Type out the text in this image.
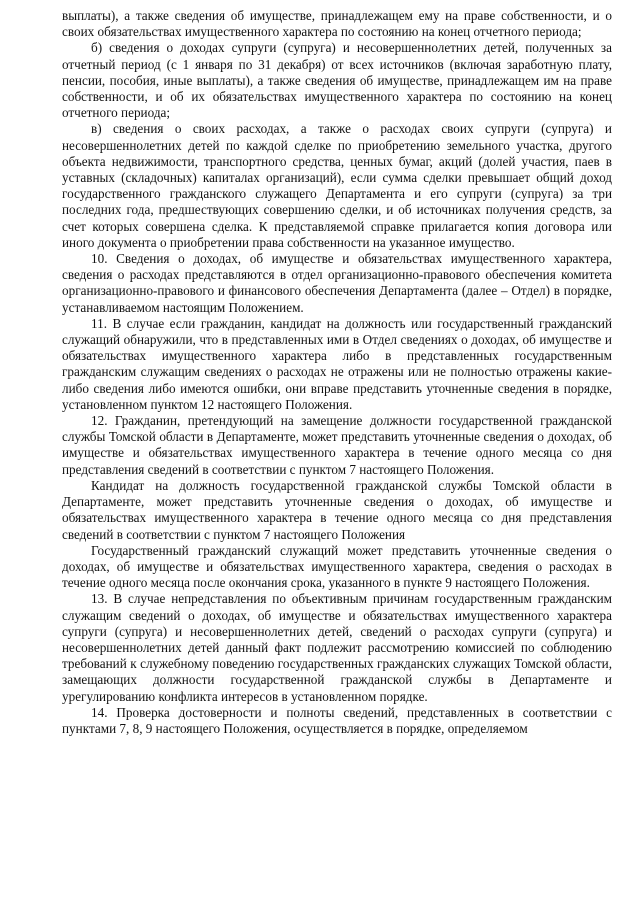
выплаты), а также сведения об имуществе, принадлежащем ему на праве собственности, и о своих обязательствах имущественного характера по состоянию на конец отчетного периода;

б) сведения о доходах супруги (супруга) и несовершеннолетних детей, полученных за отчетный период (с 1 января по 31 декабря) от всех источников (включая заработную плату, пенсии, пособия, иные выплаты), а также сведения об имуществе, принадлежащем им на праве собственности, и об их обязательствах имущественного характера по состоянию на конец отчетного периода;

в) сведения о своих расходах, а также о расходах своих супруги (супруга) и несовершеннолетних детей по каждой сделке по приобретению земельного участка, другого объекта недвижимости, транспортного средства, ценных бумаг, акций (долей участия, паев в уставных (складочных) капиталах организаций), если сумма сделки превышает общий доход государственного гражданского служащего Департамента и его супруги (супруга) за три последних года, предшествующих совершению сделки, и об источниках получения средств, за счет которых совершена сделка. К представляемой справке прилагается копия договора или иного документа о приобретении права собственности на указанное имущество.

10. Сведения о доходах, об имуществе и обязательствах имущественного характера, сведения о расходах представляются в отдел организационно-правового обеспечения комитета организационно-правового и финансового обеспечения Департамента (далее – Отдел) в порядке, устанавливаемом настоящим Положением.

11. В случае если гражданин, кандидат на должность или государственный гражданский служащий обнаружили, что в представленных ими в Отдел сведениях о доходах, об имуществе и обязательствах имущественного характера либо в представленных государственным гражданским служащим сведениях о расходах не отражены или не полностью отражены какие-либо сведения либо имеются ошибки, они вправе представить уточненные сведения в порядке, установленном пунктом 12 настоящего Положения.

12. Гражданин, претендующий на замещение должности государственной гражданской службы Томской области в Департаменте, может представить уточненные сведения о доходах, об имуществе и обязательствах имущественного характера в течение одного месяца со дня представления сведений в соответствии с пунктом 7 настоящего Положения.

Кандидат на должность государственной гражданской службы Томской области в Департаменте, может представить уточненные сведения о доходах, об имуществе и обязательствах имущественного характера в течение одного месяца со дня представления сведений в соответствии с пунктом 7 настоящего Положения

Государственный гражданский служащий может представить уточненные сведения о доходах, об имуществе и обязательствах имущественного характера, сведения о расходах в течение одного месяца после окончания срока, указанного в пункте 9 настоящего Положения.

13. В случае непредставления по объективным причинам государственным гражданским служащим сведений о доходах, об имуществе и обязательствах имущественного характера супруги (супруга) и несовершеннолетних детей, сведений о расходах супруги (супруга) и несовершеннолетних детей данный факт подлежит рассмотрению комиссией по соблюдению требований к служебному поведению государственных гражданских служащих Томской области, замещающих должности государственной гражданской службы в Департаменте и урегулированию конфликта интересов в установленном порядке.

14. Проверка достоверности и полноты сведений, представленных в соответствии с пунктами 7, 8, 9 настоящего Положения, осуществляется в порядке, определяемом
